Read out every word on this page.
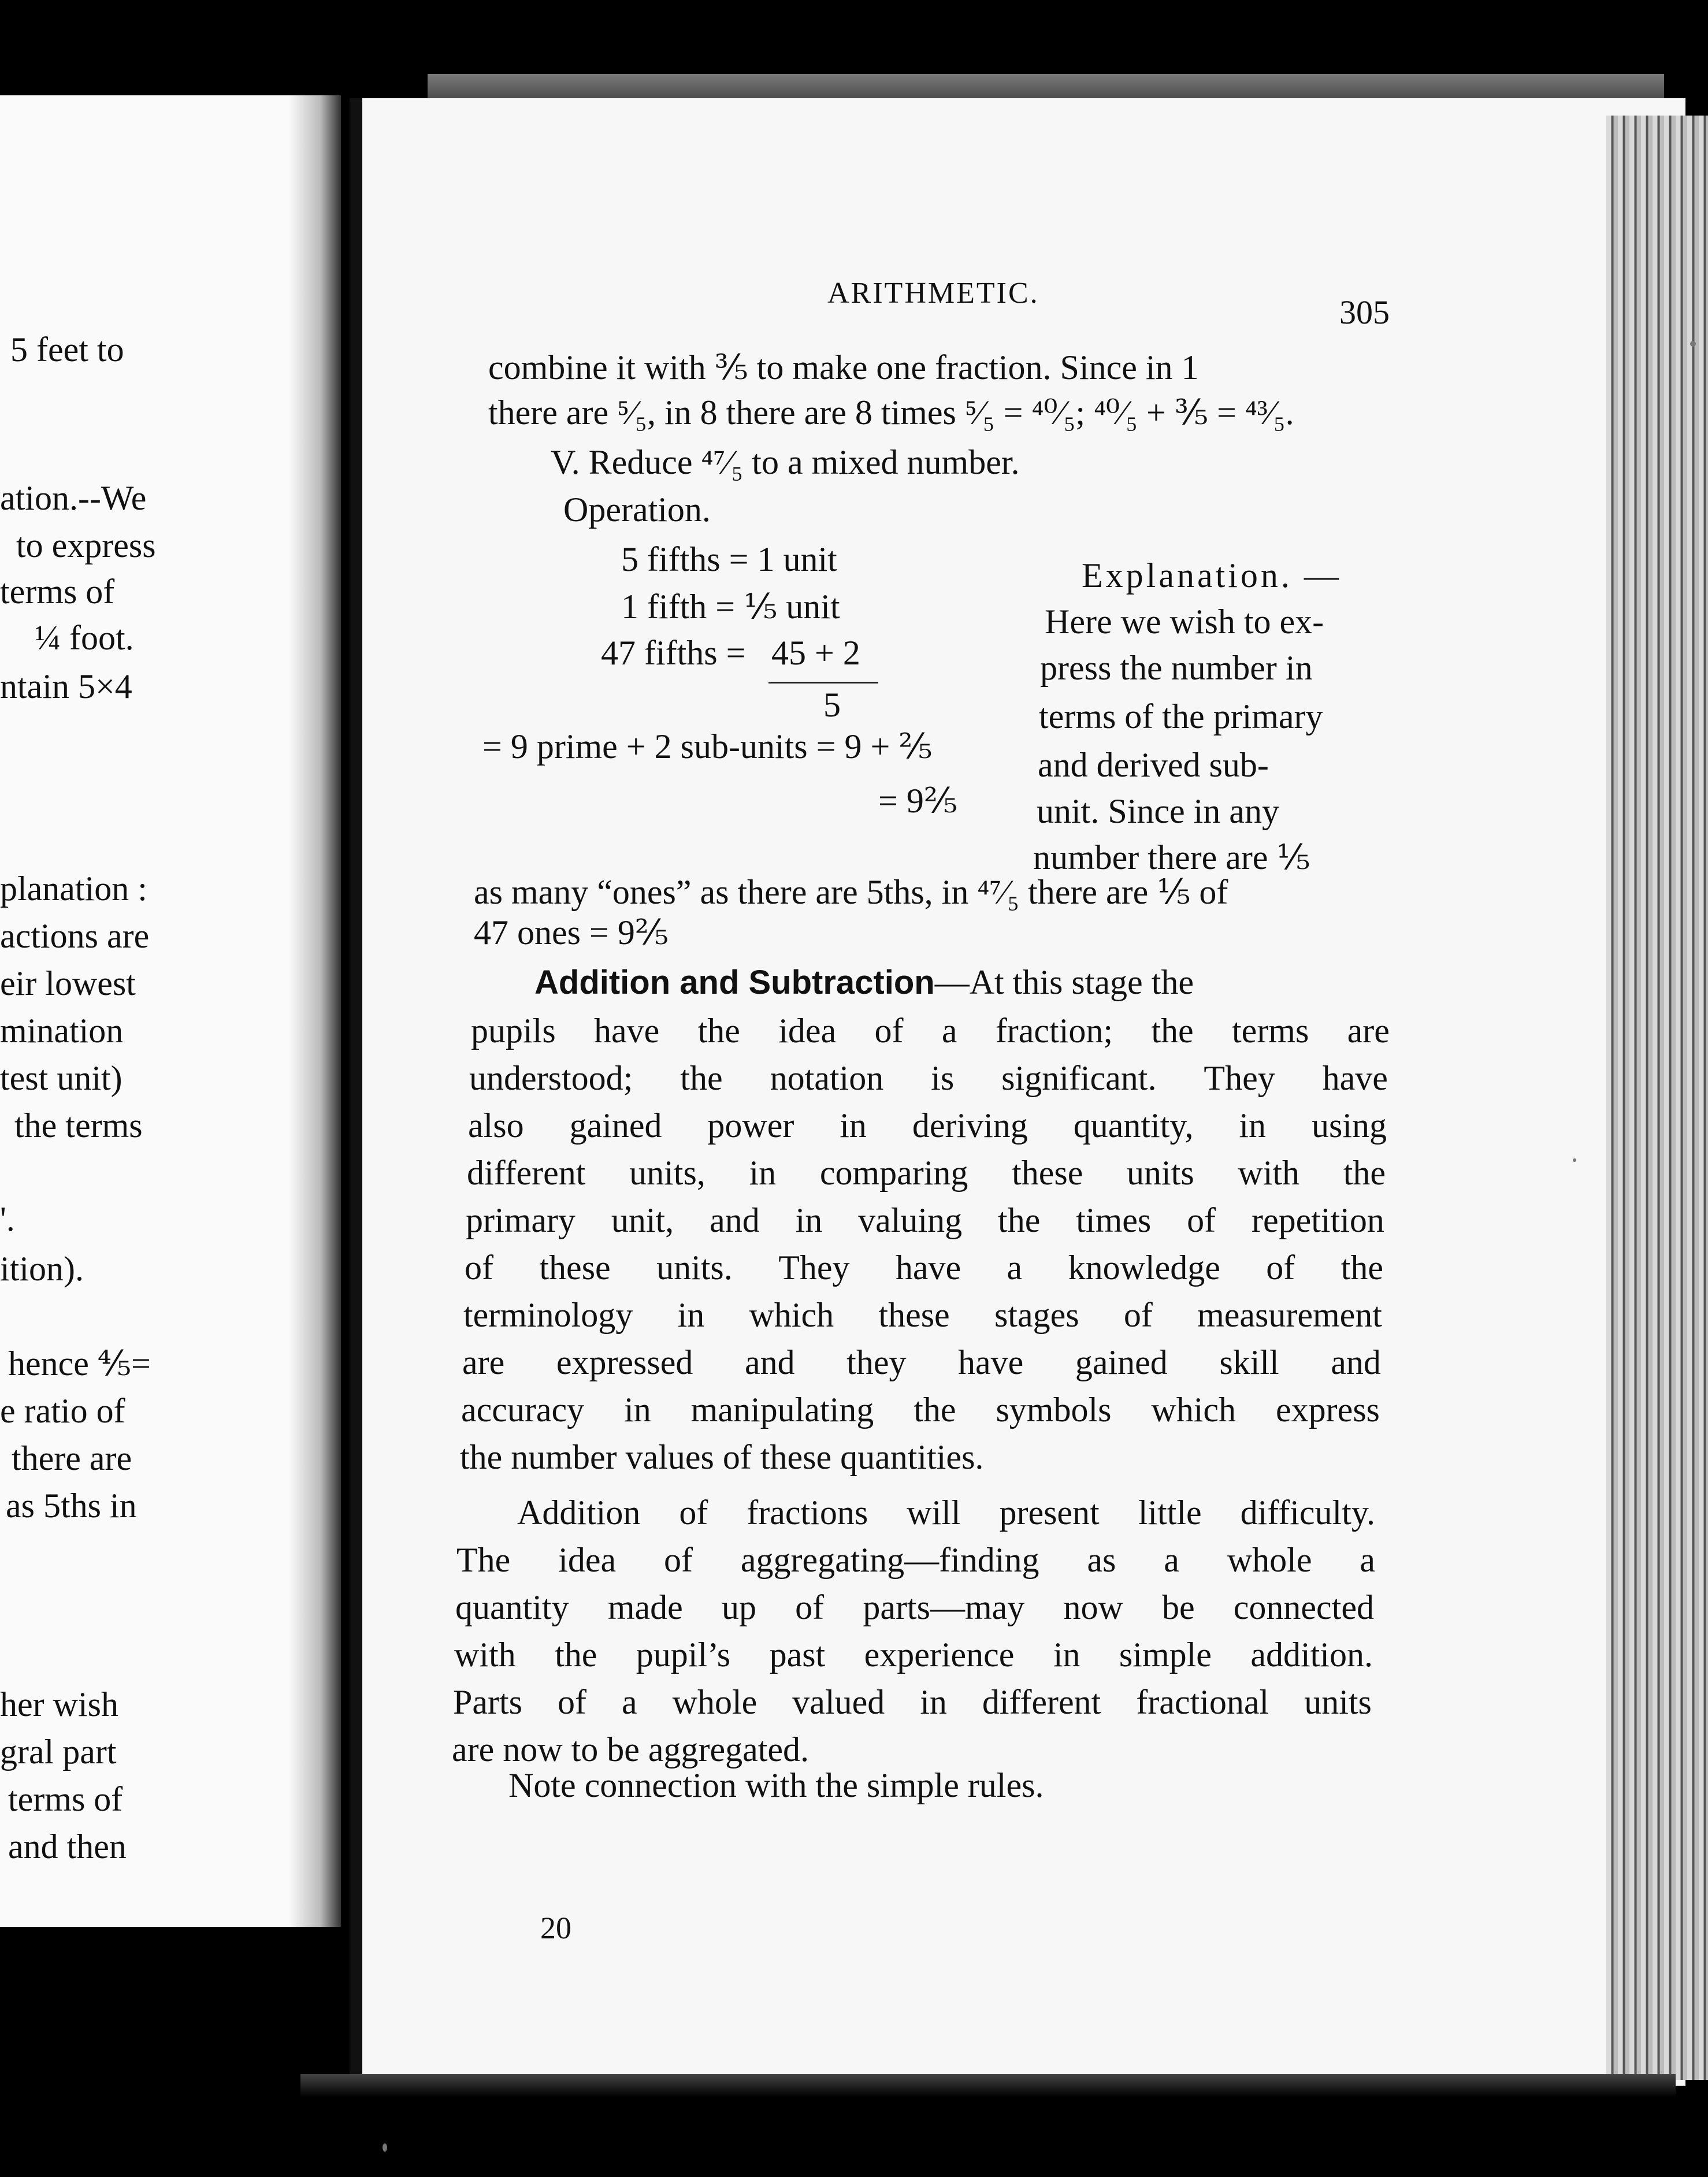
5 feet to
ation.--We
to express
terms of
¼ foot.
ntain 5×4
planation :
actions are
eir lowest
mination
test unit)
the terms
'.
ition).
hence ⅘=
e ratio of
there are
as 5ths in
her wish
gral part
terms of
and then
ARITHMETIC.
305
combine it with ⅗ to make one fraction. Since in 1
there are ⁵⁄₅, in 8 there are 8 times ⁵⁄₅ = ⁴⁰⁄₅; ⁴⁰⁄₅ + ⅗ = ⁴³⁄₅.
V. Reduce ⁴⁷⁄₅ to a mixed number.
Operation.
5 fifths = 1 unit
1 fifth = ⅕ unit
47 fifths = 45 + 2
5
= 9 prime + 2 sub-units = 9 + ⅖
= 9⅖
Explanation. —
Here we wish to ex-
press the number in
terms of the primary
and derived sub-
unit. Since in any
number there are ⅕
as many “ones” as there are 5ths, in ⁴⁷⁄₅ there are ⅕ of
47 ones = 9⅖
Addition and Subtraction—At this stage the
pupils have the idea of a fraction; the terms are
understood; the notation is significant. They have
also gained power in deriving quantity, in using
different units, in comparing these units with the
primary unit, and in valuing the times of repetition
of these units. They have a knowledge of the
terminology in which these stages of measurement
are expressed and they have gained skill and
accuracy in manipulating the symbols which express
the number values of these quantities.
Addition of fractions will present little difficulty.
The idea of aggregating—finding as a whole a
quantity made up of parts—may now be connected
with the pupil’s past experience in simple addition.
Parts of a whole valued in different fractional units
are now to be aggregated.
Note connection with the simple rules.
20
